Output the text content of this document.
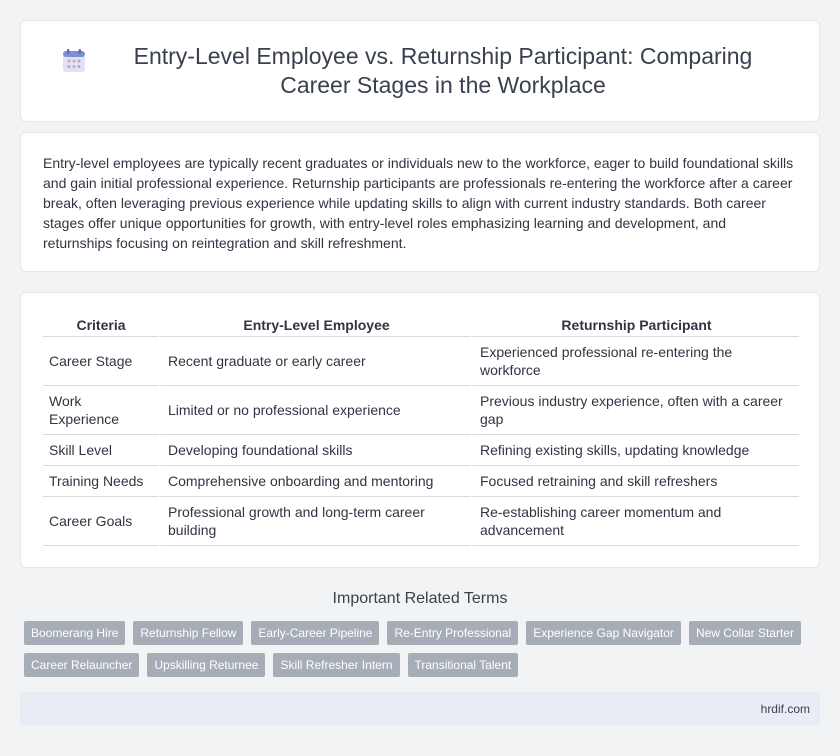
Entry-Level Employee vs. Returnship Participant: Comparing Career Stages in the Workplace

Entry-level employees are typically recent graduates or individuals new to the workforce, eager to build foundational skills and gain initial professional experience. Returnship participants are professionals re-entering the workforce after a career break, often leveraging previous experience while updating skills to align with current industry standards. Both career stages offer unique opportunities for growth, with entry-level roles emphasizing learning and development, and returnships focusing on reintegration and skill refreshment.

Criteria	Entry-Level Employee	Returnship Participant
Career Stage	Recent graduate or early career	Experienced professional re-entering the workforce
Work Experience	Limited or no professional experience	Previous industry experience, often with a career gap
Skill Level	Developing foundational skills	Refining existing skills, updating knowledge
Training Needs	Comprehensive onboarding and mentoring	Focused retraining and skill refreshers
Career Goals	Professional growth and long-term career building	Re-establishing career momentum and advancement
Important Related Terms
Boomerang Hire	Returnship Fellow	Early-Career Pipeline	Re-Entry Professional	Experience Gap Navigator	New Collar Starter
Career Relauncher	Upskilling Returnee	Skill Refresher Intern	Transitional Talent
hrdif.com
